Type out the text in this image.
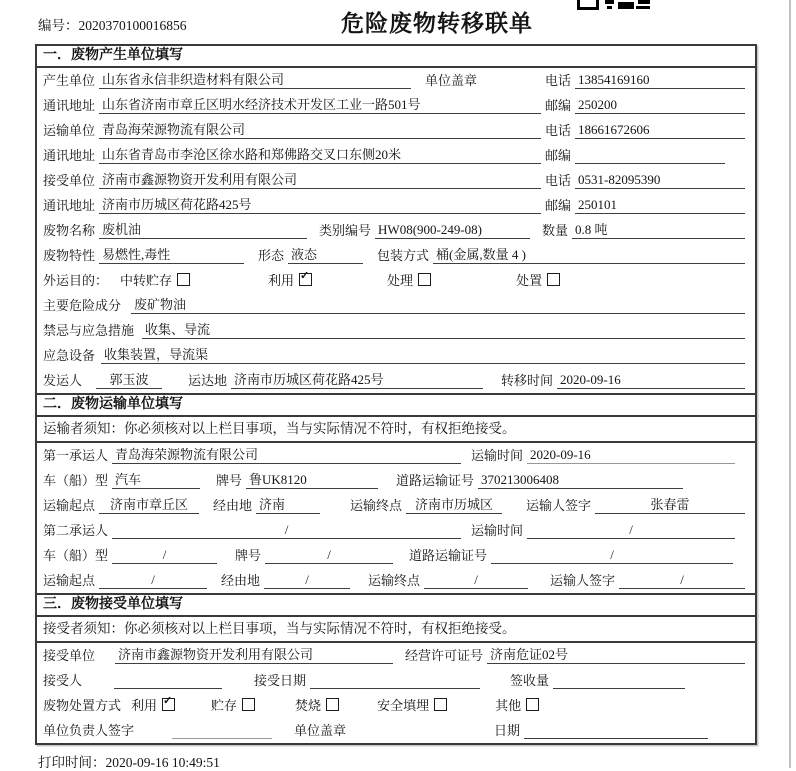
编号：2020370100016856	危险废物转移联单
一．废物产生单位填写
产生单位 山东省永信非织造材料有限公司	单位盖章	电话 13854169160
通讯地址 山东省济南市章丘区明水经济技术开发区工业一路501号	邮编 250200
运输单位 青岛海荣源物流有限公司	电话 18661672606
通讯地址 山东省青岛市李沧区徐水路和郑佛路交叉口东侧20米	邮编
接受单位 济南市鑫源物资开发利用有限公司	电话 0531-82095390
通讯地址 济南市历城区荷花路425号	邮编 250101
废物名称 废机油	类别编号 HW08(900-249-08)	数量 0.8 吨
废物特性 易燃性,毒性	形态 液态	包装方式 桶(金属,数量 4 )
外运目的： 中转贮存	利用 ✓	处理	处置
主要危险成分 废矿物油
禁忌与应急措施 收集、导流
应急设备 收集装置，导流渠
发运人	郭玉波	运达地 济南市历城区荷花路425号	转移时间 2020-09-16
二．废物运输单位填写
运输者须知：你必须核对以上栏目事项，当与实际情况不符时，有权拒绝接受。
第一承运人 青岛海荣源物流有限公司	运输时间 2020-09-16
车（船）型 汽车	牌号 鲁UK8120	道路运输证号 370213006408
运输起点	济南市章丘区	经由地 济南	运输终点 济南市历城区	运输人签字	张春雷
第二承运人	/	运输时间	/
车（船）型	/	牌号	/	道路运输证号	/
运输起点	/	经由地	/	运输终点	/	运输人签字	/
三．废物接受单位填写
接受者须知：你必须核对以上栏目事项，当与实际情况不符时，有权拒绝接受。
接受单位 济南市鑫源物资开发利用有限公司	经营许可证号 济南危证02号
接受人	接受日期	签收量
废物处置方式 利用 ✓	贮存	焚烧	安全填埋	其他
单位负责人签字	单位盖章	日期
打印时间：2020-09-16 10:49:51
